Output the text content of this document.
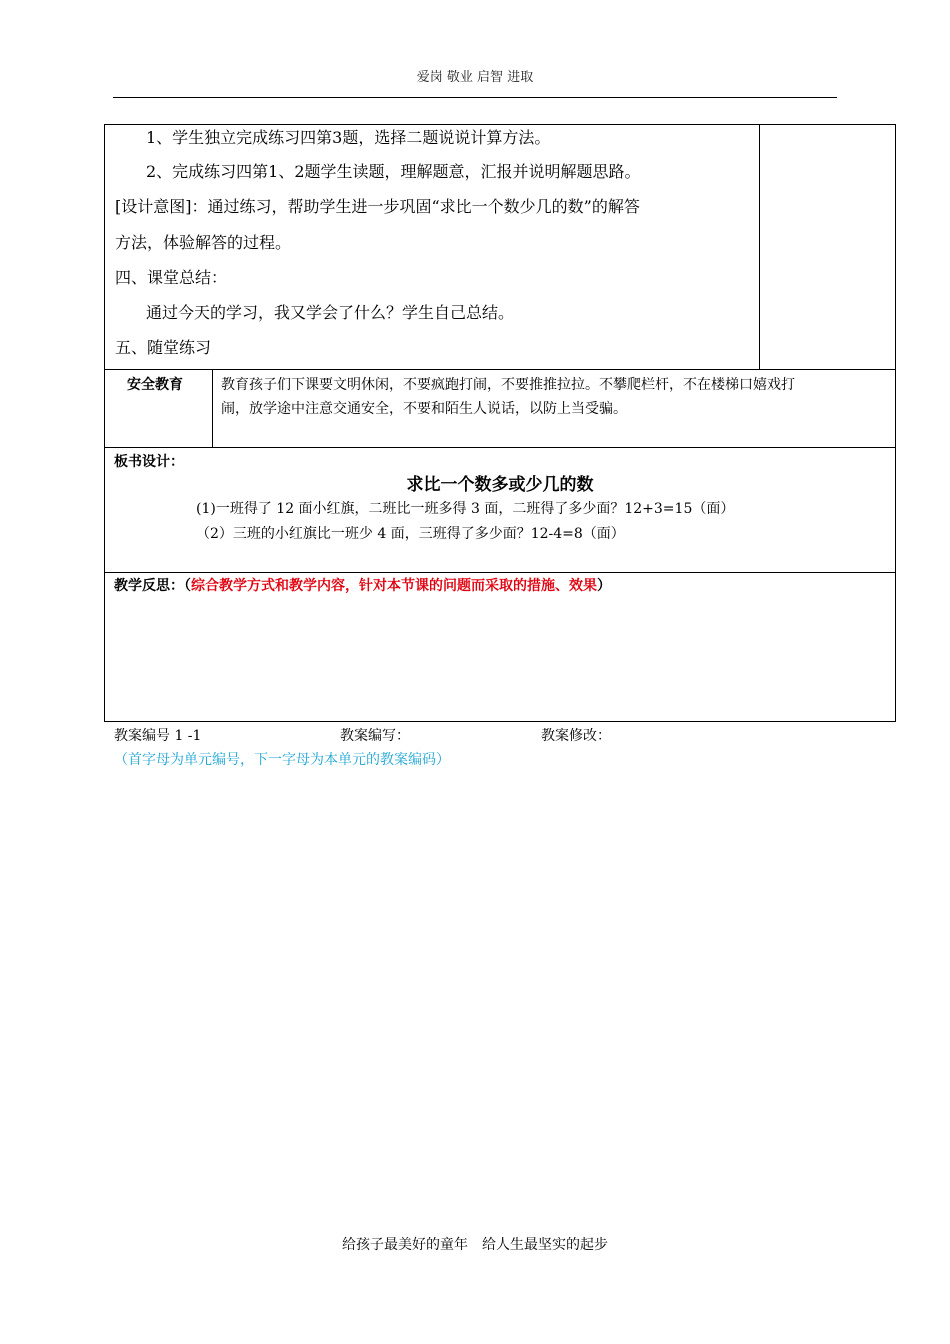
爱岗 敬业 启智 进取
1、学生独立完成练习四第3题，选择二题说说计算方法。
2、完成练习四第1、2题学生读题，理解题意，汇报并说明解题思路。
[设计意图]：通过练习，帮助学生进一步巩固“求比一个数少几的数”的解答
方法，体验解答的过程。
四、课堂总结：
通过今天的学习，我又学会了什么？学生自己总结。
五、随堂练习
安全教育	教育孩子们下课要文明休闲，不要疯跑打闹，不要推推拉拉。不攀爬栏杆，不在楼梯口嬉戏打
闹，放学途中注意交通安全，不要和陌生人说话，以防上当受骗。
板书设计：
求比一个数多或少几的数
(1)一班得了 12 面小红旗，二班比一班多得 3 面，二班得了多少面？12+3=15（面）
（2）三班的小红旗比一班少 4 面，三班得了多少面？12-4=8（面）
教学反思：（综合教学方式和教学内容，针对本节课的问题而采取的措施、效果）
教案编号 1 -1	教案编写：	教案修改：
（首字母为单元编号，下一字母为本单元的教案编码）
给孩子最美好的童年　给人生最坚实的起步
